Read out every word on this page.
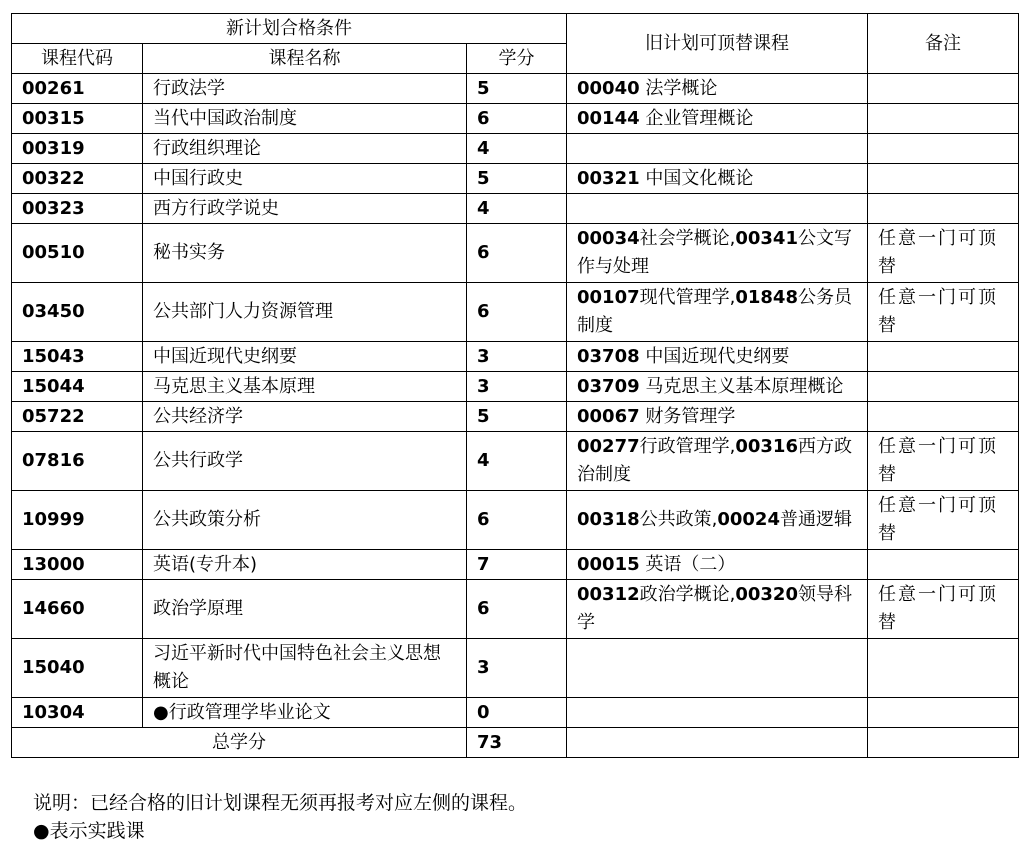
新计划合格条件			旧计划可顶替课程	备注
课程代码	课程名称	学分		
00261	行政法学	5	00040 法学概论	
00315	当代中国政治制度	6	00144 企业管理概论	
00319	行政组织理论	4		
00322	中国行政史	5	00321 中国文化概论	
00323	西方行政学说史	4		
00510	秘书实务	6	00034社会学概论,00341公文写作与处理	任意一门可顶替
03450	公共部门人力资源管理	6	00107现代管理学,01848公务员制度	任意一门可顶替
15043	中国近现代史纲要	3	03708 中国近现代史纲要	
15044	马克思主义基本原理	3	03709 马克思主义基本原理概论	
05722	公共经济学	5	00067 财务管理学	
07816	公共行政学	4	00277行政管理学,00316西方政治制度	任意一门可顶替
10999	公共政策分析	6	00318公共政策,00024普通逻辑	任意一门可顶替
13000	英语(专升本)	7	00015 英语（二）	
14660	政治学原理	6	00312政治学概论,00320领导科学	任意一门可顶替
15040	习近平新时代中国特色社会主义思想概论	3		
10304	●行政管理学毕业论文	0		
总学分		73		
说明：已经合格的旧计划课程无须再报考对应左侧的课程。
●表示实践课
